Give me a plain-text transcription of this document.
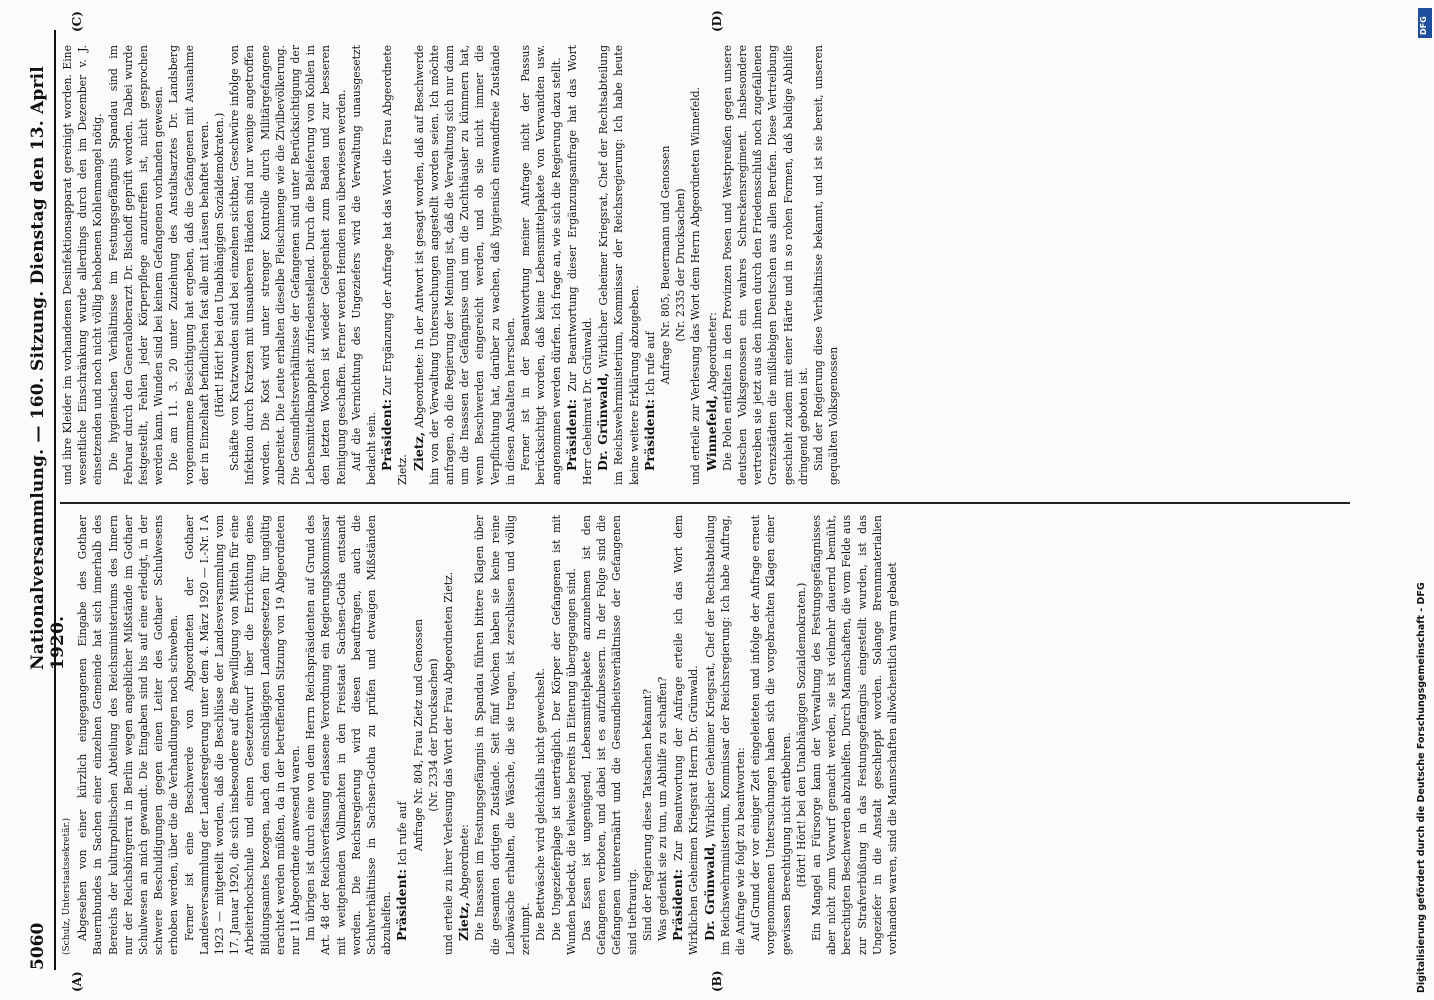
5060
Nationalversammlung. — 160. Sitzung. Dienstag den 13. April 1920.
(A)	(B)
(C)	(D)

(Schulz, Unterstaatssekretär.) Abgesehen von einer kürzlich eingegangenen Eingabe des Gothaer Bauernbundes in Sachen einer einzelnen Gemeinde hat sich innerhalb des Bereichs der kulturpolitischen Abteilung des Reichsministeriums des Innern nur der Reichsbürgerrat in Berlin wegen angeblicher Mißstände im Gothaer Schulwesen an mich gewandt. Die Eingaben sind bis auf eine erledigt, in der schwere Beschuldigungen gegen einen Leiter des Gothaer Schulwesens erhoben werden, über die die Verhandlungen noch schweben. Ferner ist eine Beschwerde von Abgeordneten der Gothaer Landesversammlung der Landesregierung unter dem 4. März 1920 — I.-Nr. I A 1923 — mitgeteilt worden, daß die Beschlüsse der Landesversammlung vom 17. Januar 1920, die sich insbesondere auf die Bewilligung von Mitteln für eine Arbeiterhochschule und einen Gesetzentwurf über die Errichtung eines Bildungsamtes bezogen, nach den einschlägigen Landesgesetzen für ungültig erachtet werden müßten, da in der betreffenden Sitzung von 19 Abgeordneten nur 11 Abgeordnete anwesend waren. Im übrigen ist durch eine von dem Herrn Reichspräsidenten auf Grund des Art. 48 der Reichsverfassung erlassene Verordnung ein Regierungskommissar mit weitgehenden Vollmachten in den Freistaat Sachsen-Gotha entsandt worden. Die Reichsregierung wird diesen beauftragen, auch die Schulverhältnisse in Sachsen-Gotha zu prüfen und etwaigen Mißständen abzuhelfen. Präsident: Ich rufe auf Anfrage Nr. 804, Frau Zietz und Genossen (Nr. 2334 der Drucksachen) und erteile zu ihrer Verlesung das Wort der Frau Abgeordneten Zietz. Zietz, Abgeordnete: Die Insassen im Festungsgefängnis in Spandau führen bittere Klagen über die gesamten dortigen Zustände. Seit fünf Wochen haben sie keine reine Leibwäsche erhalten, die Wäsche, die sie tragen, ist zerschlissen und völlig zerlumpt. Die Bettwäsche wird gleichfalls nicht gewechselt. Die Ungezieferplage ist unerträglich. Der Körper der Gefangenen ist mit Wunden bedeckt, die teilweise bereits in Eiterung übergegangen sind. Das Essen ist ungenügend, Lebensmittelpakete anzunehmen ist den Gefangenen verboten, und dabei ist es aufzubessern. In der Folge sind die Gefangenen unterernährt und die Gesundheitsverhältnisse der Gefangenen sind tieftraurig. Sind der Regierung diese Tatsachen bekannt? Was gedenkt sie zu tun, um Abhilfe zu schaffen? Präsident: Zur Beantwortung der Anfrage erteile ich das Wort dem Wirklichen Geheimen Kriegsrat Herrn Dr. Grünwald. Dr. Grünwald, Wirklicher Geheimer Kriegsrat, Chef der Rechtsabteilung im Reichswehrministerium, Kommissar der Reichsregierung: Ich habe Auftrag, die Anfrage wie folgt zu beantworten: Auf Grund der vor einiger Zeit eingeleiteten und infolge der Anfrage erneut vorgenommenen Untersuchungen haben sich die vorgebrachten Klagen einer gewissen Berechtigung nicht entbehren. (Hört! Hört! bei den Unabhängigen Sozialdemokraten.) Ein Mangel an Fürsorge kann der Verwaltung des Festungsgefängnisses aber nicht zum Vorwurf gemacht werden, sie ist vielmehr dauernd bemüht, berechtigten Beschwerden abzuhelfen. Durch Mannschaften, die vom Felde aus zur Strafverbüßung in das Festungsgefängnis eingestellt wurden, ist das Ungeziefer in die Anstalt geschleppt worden. Solange Brennmaterialien vorhanden waren, sind die Mannschaften allwöchentlich warm gebadet

und ihre Kleider im vorhandenen Desinfektionsapparat gereinigt worden. Eine wesentliche Einschränkung wurde allerdings durch den im Dezember v. J. einsetzenden und noch nicht völlig behobenen Kohlenmangel nötig. Die hygienischen Verhältnisse im Festungsgefängnis Spandau sind im Februar durch den Generaloberarzt Dr. Bischoff geprüft worden. Dabei wurde festgestellt, Fehlen jeder Körperpflege anzutreffen ist, nicht gesprochen werden kann. Wunden sind bei keinem Gefangenen vorhanden gewesen. Die am 11. 3. 20 unter Zuziehung des Anstaltsarztes Dr. Landsberg vorgenommene Besichtigung hat ergeben, daß die Gefangenen mit Ausnahme der in Einzelhaft befindlichen fast alle mit Läusen behaftet waren. (Hört! Hört! bei den Unabhängigen Sozialdemokraten.) Schäfte von Kratzwunden sind bei einzelnen sichtbar, Geschwüre infolge von Infektion durch Kratzen mit unsauberen Händen sind nur wenige angetroffen worden. Die Kost wird unter strenger Kontrolle durch Militärgefangene zubereitet. Die Leute erhalten dieselbe Fleischmenge wie die Zivilbevölkerung. Die Gesundheitsverhältnisse der Gefangenen sind unter Berücksichtigung der Lebensmittelknappheit zufriedenstellend. Durch die Belieferung von Kohlen in den letzten Wochen ist wieder Gelegenheit zum Baden und zur besseren Reinigung geschaffen. Ferner werden Hemden neu überwiesen werden. Auf die Vernichtung des Ungeziefers wird die Verwaltung unausgesetzt bedacht sein. Präsident: Zur Ergänzung der Anfrage hat das Wort die Frau Abgeordnete Zietz. Zietz, Abgeordnete: In der Antwort ist gesagt worden, daß auf Beschwerde hin von der Verwaltung Untersuchungen angestellt worden seien. Ich möchte anfragen, ob die Regierung der Meinung ist, daß die Verwaltung sich nur dann um die Insassen der Gefängnisse und um die Zuchthäusler zu kümmern hat, wenn Beschwerden eingereicht werden, und ob sie nicht immer die Verpflichtung hat, darüber zu wachen, daß hygienisch einwandfreie Zustände in diesen Anstalten herrschen. Ferner ist in der Beantwortung meiner Anfrage nicht der Passus berücksichtigt worden, daß keine Lebensmittelpakete von Verwandten usw. angenommen werden dürfen. Ich frage an, wie sich die Regierung dazu stellt. Präsident: Zur Beantwortung dieser Ergänzungsanfrage hat das Wort Herr Geheimrat Dr. Grünwald. Dr. Grünwald, Wirklicher Geheimer Kriegsrat, Chef der Rechtsabteilung im Reichswehrministerium, Kommissar der Reichsregierung: Ich habe heute keine weitere Erklärung abzugeben. Präsident: Ich rufe auf Anfrage Nr. 805, Beuermann und Genossen (Nr. 2335 der Drucksachen) und erteile zur Verlesung das Wort dem Herrn Abgeordneten Winnefeld. Winnefeld, Abgeordneter: Die Polen entfalten in den Provinzen Posen und Westpreußen gegen unsere deutschen Volksgenossen ein wahres Schreckensregiment. Insbesondere vertreiben sie jetzt aus den ihnen durch den Friedensschluß noch zugefallenen Grenzstädten die mißliebigen Deutschen aus allen Berufen. Diese Vertreibung geschieht zudem mit einer Härte und in so rohen Formen, daß baldige Abhilfe dringend geboten ist. Sind der Regierung diese Verhältnisse bekannt, und ist sie bereit, unseren gequälten Volksgenossen

Digitalisierung gefördert durch die Deutsche Forschungsgemeinschaft - DFG
DFG
